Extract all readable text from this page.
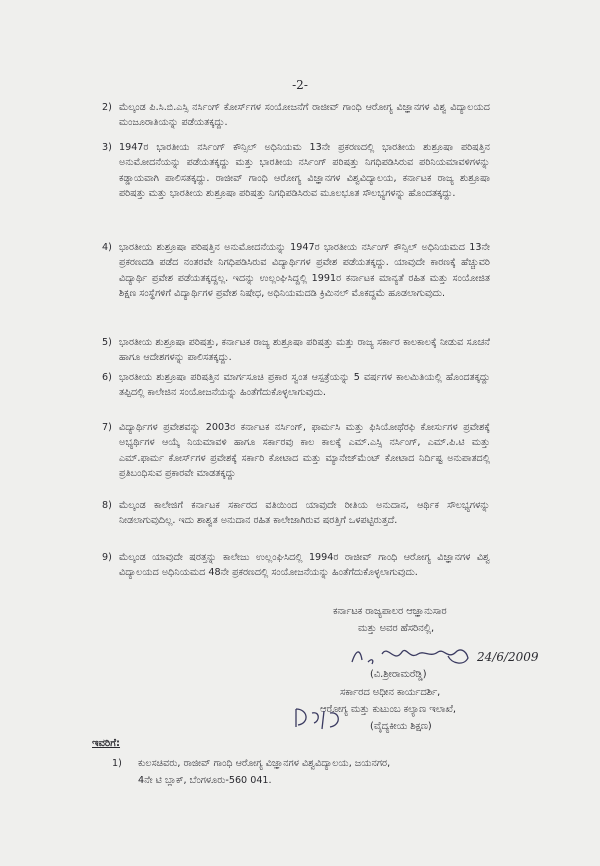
-2-
2) ಮೆಲ್ಕಂಡ ಪಿ.ಸಿ.ಬಿ.ಎಸ್ಸಿ ನರ್ಸಿಂಗ್ ಕೋರ್ಸ್‌ಗಳ ಸಂಯೋಜನೆಗೆ ರಾಜೀವ್ ಗಾಂಧಿ ಆರೋಗ್ಯ ವಿಜ್ಞಾನಗಳ ವಿಶ್ವ ವಿದ್ಯಾಲಯದ ಮಂಜೂರಾತಿಯನ್ನು ಪಡೆಯತಕ್ಕದ್ದು.
3) 1947ರ ಭಾರತೀಯ ನರ್ಸಿಂಗ್ ಕೌನ್ಸಿಲ್ ಅಧಿನಿಯಮ 13ನೇ ಪ್ರಕರಣದಲ್ಲಿ ಭಾರತೀಯ ಶುಶ್ರೂಷಾ ಪರಿಷತ್ತಿನ ಅನುಮೋದನೆಯನ್ನು ಪಡೆಯತಕ್ಕದ್ದು ಮತ್ತು ಭಾರತೀಯ ನರ್ಸಿಂಗ್ ಪರಿಷತ್ತು ನಿಗಧಿಪಡಿಸಿರುವ ಪರಿನಿಯಮಾವಳಿಗಳನ್ನು ಕಡ್ಡಾಯವಾಗಿ ಪಾಲಿಸತಕ್ಕದ್ದು. ರಾಜೀವ್ ಗಾಂಧಿ ಆರೋಗ್ಯ ವಿಜ್ಞಾನಗಳ ವಿಶ್ವವಿದ್ಯಾಲಯ, ಕರ್ನಾಟಕ ರಾಜ್ಯ ಶುಶ್ರೂಷಾ ಪರಿಷತ್ತು ಮತ್ತು ಭಾರತೀಯ ಶುಶ್ರೂಷಾ ಪರಿಷತ್ತು ನಿಗಧಿಪಡಿಸಿರುವ ಮೂಲಭೂತ ಸೌಲಭ್ಯಗಳನ್ನು ಹೊಂದತಕ್ಕದ್ದು.
4) ಭಾರತೀಯ ಶುಶ್ರೂಷಾ ಪರಿಷತ್ತಿನ ಅನುಮೋದನೆಯನ್ನು 1947ರ ಭಾರತೀಯ ನರ್ಸಿಂಗ್ ಕೌನ್ಸಿಲ್ ಅಧಿನಿಯಮದ 13ನೇ ಪ್ರಕರಣದಡಿ ಪಡೆದ ನಂತರವೇ ನಿಗಧಿಪಡಿಸಿರುವ ವಿದ್ಯಾರ್ಥಿಗಳ ಪ್ರವೇಶ ಪಡೆಯತಕ್ಕದ್ದು. ಯಾವುದೇ ಕಾರಣಕ್ಕೆ ಹೆಚ್ಚುವರಿ ವಿದ್ಯಾರ್ಥಿ ಪ್ರವೇಶ ಪಡೆಯತಕ್ಕದ್ದಲ್ಲ. ಇದನ್ನು ಉಲ್ಲಂಘಿಸಿದ್ದಲ್ಲಿ 1991ರ ಕರ್ನಾಟಕ ಮಾನ್ಯತೆ ರಹಿತ ಮತ್ತು ಸಂಯೋಜಿತ ಶಿಕ್ಷಣ ಸಂಸ್ಥೆಗಳಿಗೆ ವಿದ್ಯಾರ್ಥಿಗಳ ಪ್ರವೇಶ ನಿಷೇಧ, ಅಧಿನಿಯಮದಡಿ ಕ್ರಿಮಿನಲ್ ಮೊಕದ್ದಮೆ ಹೂಡಲಾಗುವುದು.
5) ಭಾರತೀಯ ಶುಶ್ರೂಷಾ ಪರಿಷತ್ತು, ಕರ್ನಾಟಕ ರಾಜ್ಯ ಶುಶ್ರೂಷಾ ಪರಿಷತ್ತು ಮತ್ತು ರಾಜ್ಯ ಸರ್ಕಾರ ಕಾಲಕಾಲಕ್ಕೆ ನೀಡುವ ಸೂಚನೆ ಹಾಗೂ ಆದೇಶಗಳನ್ನು ಪಾಲಿಸತಕ್ಕದ್ದು.
6) ಭಾರತೀಯ ಶುಶ್ರೂಷಾ ಪರಿಷತ್ತಿನ ಮಾರ್ಗಸೂಚಿ ಪ್ರಕಾರ ಸ್ವಂತ ಆಸ್ಪತ್ರೆಯನ್ನು 5 ವರ್ಷಗಳ ಕಾಲಮಿತಿಯಲ್ಲಿ ಹೊಂದತಕ್ಕದ್ದು ತಪ್ಪಿದಲ್ಲಿ ಕಾಲೇಜಿನ ಸಂಯೋಜನೆಯನ್ನು ಹಿಂತೆಗೆದುಕೊಳ್ಳಲಾಗುವುದು.
7) ವಿದ್ಯಾರ್ಥಿಗಳ ಪ್ರವೇಶವನ್ನು 2003ರ ಕರ್ನಾಟಕ ನರ್ಸಿಂಗ್, ಫಾರ್ಮಸಿ ಮತ್ತು ಫಿಸಿಯೋಥೆರಫಿ ಕೋರ್ಸುಗಳ ಪ್ರವೇಶಕ್ಕೆ ಅಭ್ಯರ್ಥಿಗಳ ಆಯ್ಕೆ ನಿಯಮಾವಳಿ ಹಾಗೂ ಸರ್ಕಾರವು ಕಾಲ ಕಾಲಕ್ಕೆ ಎಮ್.ಎಸ್ಸಿ ನರ್ಸಿಂಗ್, ಎಮ್.ಪಿ.ಟಿ ಮತ್ತು ಎಮ್.ಫಾರ್ಮ ಕೋರ್ಸ್‌ಗಳ ಪ್ರವೇಶಕ್ಕೆ ಸರ್ಕಾರಿ ಕೋಟಾದ ಮತ್ತು ಮ್ಯಾನೇಜ್‌ಮೆಂಟ್ ಕೋಟಾದ ನಿರ್ದಿಷ್ಟ ಅನುಪಾತದಲ್ಲಿ ಪ್ರತಿಬಂಧಿಸುವ ಪ್ರಕಾರವೇ ಮಾಡತಕ್ಕದ್ದು
8) ಮೆಲ್ಕಂಡ ಕಾಲೇಜಿಗೆ ಕರ್ನಾಟಕ ಸರ್ಕಾರದ ವತಿಯಿಂದ ಯಾವುದೇ ರೀತಿಯ ಅನುದಾನ, ಆರ್ಥಿಕ ಸೌಲಭ್ಯಗಳನ್ನು ನೀಡಲಾಗುವುದಿಲ್ಲ. ಇದು ಶಾಶ್ವತ ಅನುದಾನ ರಹಿತ ಕಾಲೇಜಾಗಿರುವ ಷರತ್ತಿಗೆ ಒಳಪಟ್ಟಿರುತ್ತದೆ.
9) ಮೆಲ್ಕಂಡ ಯಾವುದೇ ಷರತ್ತನ್ನು ಕಾಲೇಜು ಉಲ್ಲಂಘಿಸಿದಲ್ಲಿ 1994ರ ರಾಜೀವ್ ಗಾಂಧಿ ಆರೋಗ್ಯ ವಿಜ್ಞಾನಗಳ ವಿಶ್ವ ವಿದ್ಯಾಲಯದ ಅಧಿನಿಯಮದ 48ನೇ ಪ್ರಕರಣದಲ್ಲಿ ಸಂಯೋಜನೆಯನ್ನು ಹಿಂತೆಗೆದುಕೊಳ್ಳಲಾಗುವುದು.
ಕರ್ನಾಟಕ ರಾಜ್ಯಪಾಲರ ಆಜ್ಞಾನುಸಾರ
ಮತ್ತು ಅವರ ಹೆಸರಿನಲ್ಲಿ,
24/6/2009
(ವಿ.ಶ್ರೀರಾಮರೆಡ್ಡಿ)
ಸರ್ಕಾರದ ಅಧೀನ ಕಾರ್ಯದರ್ಶಿ,
ಆರೋಗ್ಯ ಮತ್ತು ಕುಟುಂಬ ಕಲ್ಯಾಣ ಇಲಾಖೆ,
(ವೈದ್ಯಕೀಯ ಶಿಕ್ಷಣ)
ಇವರಿಗೆ:
1) ಕುಲಸಚಿವರು, ರಾಜೀವ್ ಗಾಂಧಿ ಆರೋಗ್ಯ ವಿಜ್ಞಾನಗಳ ವಿಶ್ವವಿದ್ಯಾಲಯ, ಜಯನಗರ,
4ನೇ ಟಿ ಬ್ಲಾಕ್, ಬೆಂಗಳೂರು-560 041.
